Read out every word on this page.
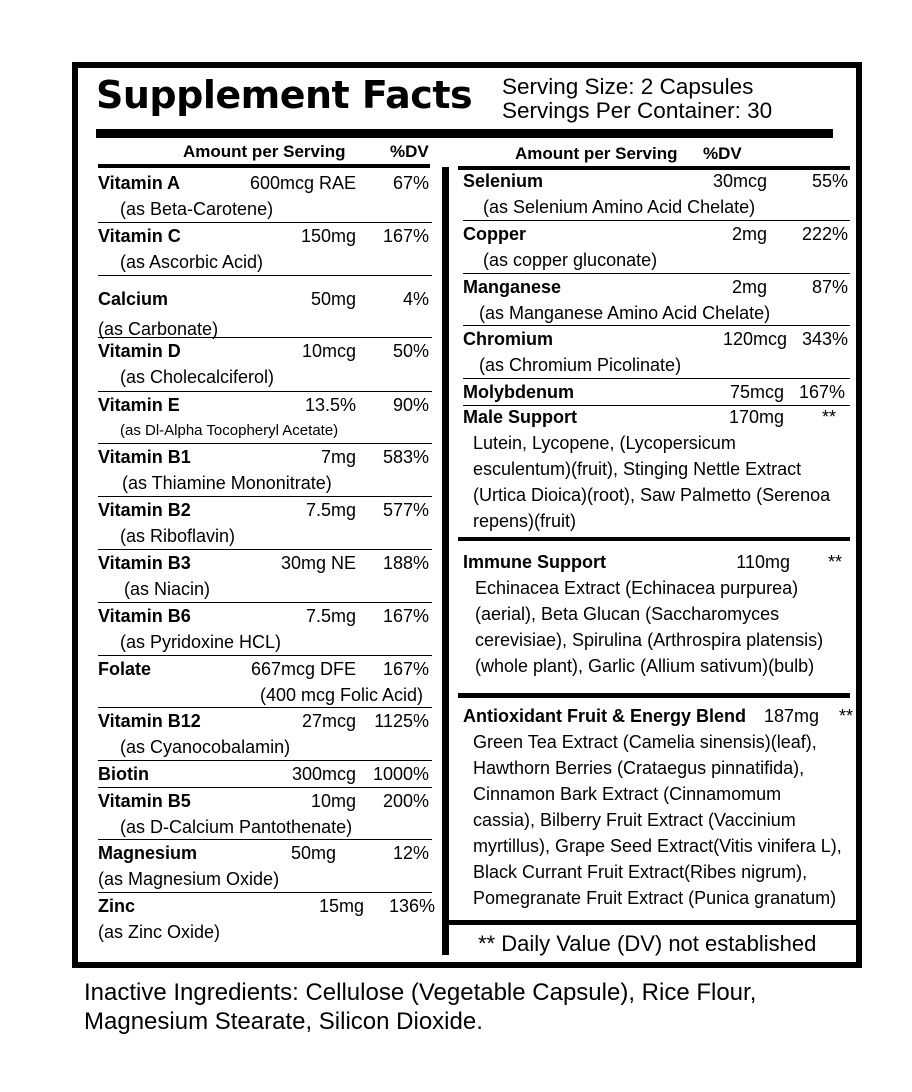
Supplement Facts Serving Size: 2 Capsules
Servings Per Container: 30
Amount per Serving	%DV	Amount per Serving %DV
Vitamin A	600mcg RAE 67%
(as Beta-Carotene)
Vitamin C	150mg 167%
(as Ascorbic Acid)
Calcium	50mg	4%
(as Carbonate)
Vitamin D	10mcg 50%
(as Cholecalciferol)
Vitamin E	13.5% 90%
(as Dl-Alpha Tocopheryl Acetate)
Vitamin B1	7mg 583%
(as Thiamine Mononitrate)
Vitamin B2	7.5mg 577%
(as Riboflavin)
Vitamin B3	30mg NE 188%
(as Niacin)
Vitamin B6	7.5mg 167%
(as Pyridoxine HCL)
Folate	667mcg DFE 167%
(400 mcg Folic Acid)
Vitamin B12	27mcg 1125%
(as Cyanocobalamin)
Biotin	300mcg 1000%
Vitamin B5	10mg 200%
(as D-Calcium Pantothenate)
Magnesium	50mg	12%
(as Magnesium Oxide)
Zinc	15mg 136%
(as Zinc Oxide)
Selenium	30mcg 55%
(as Selenium Amino Acid Chelate)
Copper	2mg 222%
(as copper gluconate)
Manganese	2mg 87%
(as Manganese Amino Acid Chelate)
Chromium	120mcg 343%
(as Chromium Picolinate)
Molybdenum	75mcg 167%
Male Support	170mg **
Lutein, Lycopene, (Lycopersicum
esculentum)(fruit), Stinging Nettle Extract
(Urtica Dioica)(root), Saw Palmetto (Serenoa
repens)(fruit)
Immune Support	110mg **
Echinacea Extract (Echinacea purpurea)
(aerial), Beta Glucan (Saccharomyces
cerevisiae), Spirulina (Arthrospira platensis)
(whole plant), Garlic (Allium sativum)(bulb)
Antioxidant Fruit & Energy Blend 187mg **
Green Tea Extract (Camelia sinensis)(leaf),
Hawthorn Berries (Crataegus pinnatifida),
Cinnamon Bark Extract (Cinnamomum
cassia), Bilberry Fruit Extract (Vaccinium
myrtillus), Grape Seed Extract(Vitis vinifera L),
Black Currant Fruit Extract(Ribes nigrum),
Pomegranate Fruit Extract (Punica granatum)
** Daily Value (DV) not established
Inactive Ingredients: Cellulose (Vegetable Capsule), Rice Flour,
Magnesium Stearate, Silicon Dioxide.
